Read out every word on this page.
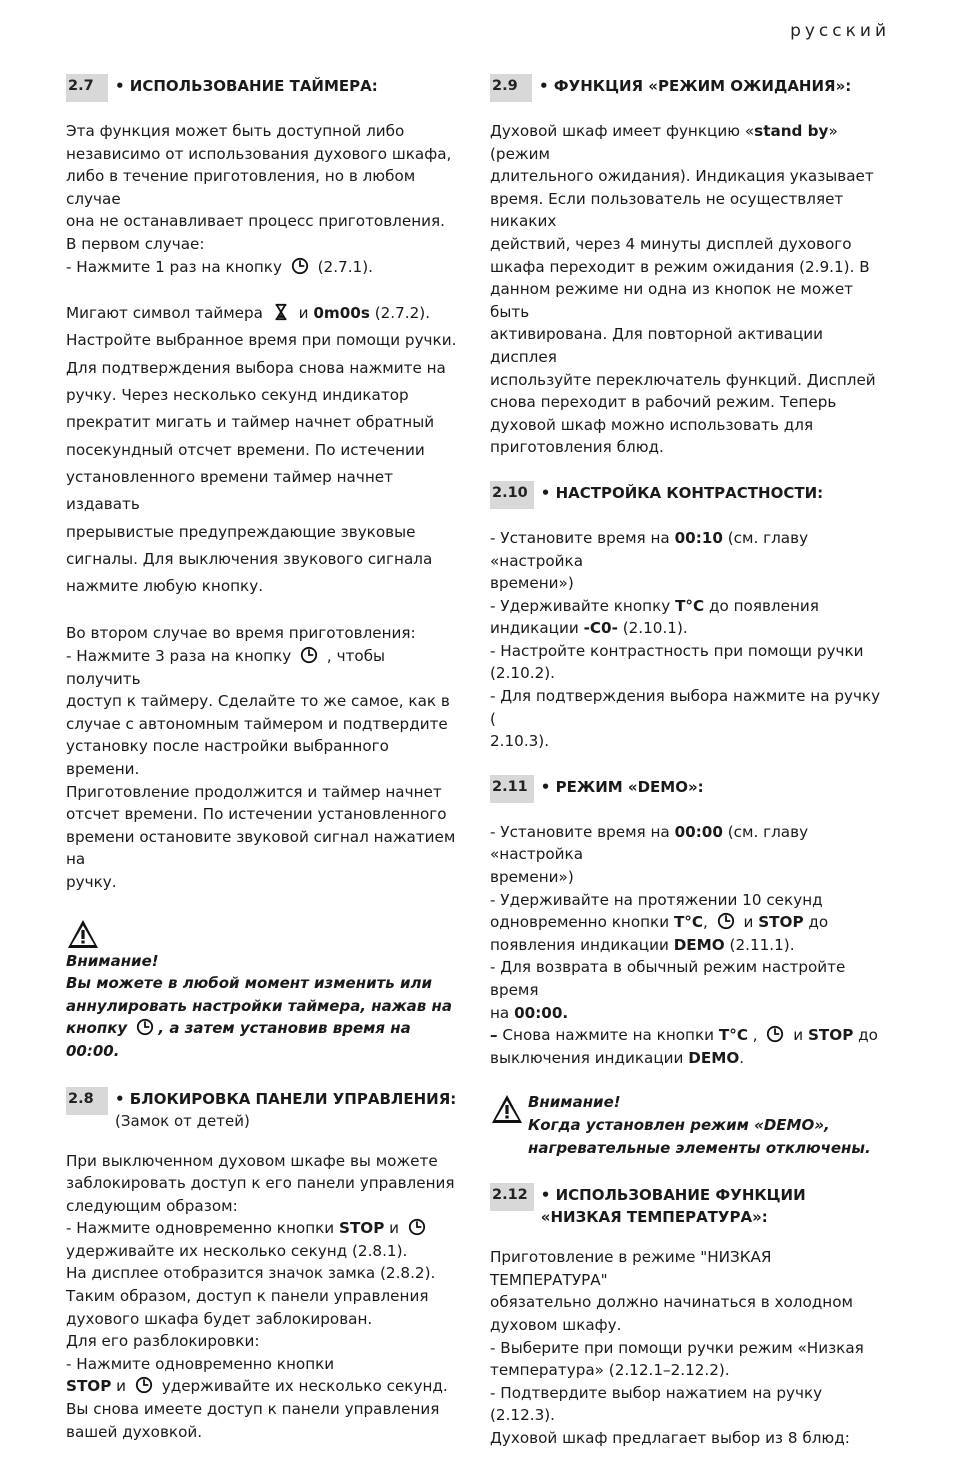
русский
2.7	• ИСПОЛЬЗОВАНИЕ ТАЙМЕРА:

Эта функция может быть доступной либо
независимо от использования духового шкафа,
либо в течение приготовления, но в любом случае
она не останавливает процесс приготовления.
В первом случае:
- Нажмите 1 раз на кнопку  (2.7.1).

Мигают символ таймера  и 0m00s (2.7.2).
Настройте выбранное время при помощи ручки.
Для подтверждения выбора снова нажмите на
ручку. Через несколько секунд индикатор
прекратит мигать и таймер начнет обратный
посекундный отсчет времени. По истечении
установленного времени таймер начнет издавать
прерывистые предупреждающие звуковые
сигналы. Для выключения звукового сигнала
нажмите любую кнопку.

Во втором случае во время приготовления:
- Нажмите 3 раза на кнопку  , чтобы получить
доступ к таймеру. Сделайте то же самое, как в
случае с автономным таймером и подтвердите
установку после настройки выбранного времени.
Приготовление продолжится и таймер начнет
отсчет времени. По истечении установленного
времени остановите звуковой сигнал нажатием на
ручку.

Внимание!
Вы можете в любой момент изменить или
аннулировать настройки таймера, нажав на
кнопку , а затем установив время на 00:00.
2.8	• БЛОКИРОВКА ПАНЕЛИ УПРАВЛЕНИЯ:
(Замок от детей)

При выключенном духовом шкафе вы можете
заблокировать доступ к его панели управления
следующим образом:
- Нажмите одновременно кнопки STOP и
удерживайте их несколько секунд (2.8.1).
На дисплее отобразится значок замка (2.8.2).
Таким образом, доступ к панели управления
духового шкафа будет заблокирован.
Для его разблокировки:
- Нажмите одновременно кнопки
STOP и  удерживайте их несколько секунд.
Вы снова имеете доступ к панели управления
вашей духовкой.

2.9	• ФУНКЦИЯ «РЕЖИМ ОЖИДАНИЯ»:

Духовой шкаф имеет функцию «stand by» (режим
длительного ожидания). Индикация указывает
время. Если пользователь не осуществляет никаких
действий, через 4 минуты дисплей духового
шкафа переходит в режим ожидания (2.9.1). В
данном режиме ни одна из кнопок не может быть
активирована. Для повторной активации дисплея
используйте переключатель функций. Дисплей
снова переходит в рабочий режим. Теперь
духовой шкаф можно использовать для
приготовления блюд.

2.10 • НАСТРОЙКА КОНТРАСТНОСТИ:

- Установите время на 00:10 (см. главу «настройка
времени»)
- Удерживайте кнопку T°C до появления
индикации -C0- (2.10.1).
- Настройте контрастность при помощи ручки
(2.10.2).
- Для подтверждения выбора нажмите на ручку (
2.10.3).

2.11 • РЕЖИМ «DEMO»:

- Установите время на 00:00 (см. главу «настройка
времени»)
- Удерживайте на протяжении 10 секунд
одновременно кнопки T°C,  и STOP до
появления индикации DEMO (2.11.1).
- Для возврата в обычный режим настройте время
на 00:00.
– Снова нажмите на кнопки T°C ,  и STOP до
выключения индикации DEMO.

Внимание!
Когда установлен режим «DEMO»,
нагревательные элементы отключены.
2.12 • ИСПОЛЬЗОВАНИЕ ФУНКЦИИ «НИЗКАЯ ТЕМПЕРАТУРА»:

Приготовление в режиме "НИЗКАЯ ТЕМПЕРАТУРА"
обязательно должно начинаться в холодном
духовом шкафу.
- Выберите при помощи ручки режим «Низкая
температура» (2.12.1–2.12.2).
- Подтвердите выбор нажатием на ручку (2.12.3).
Духовой шкаф предлагает выбор из 8 блюд:
